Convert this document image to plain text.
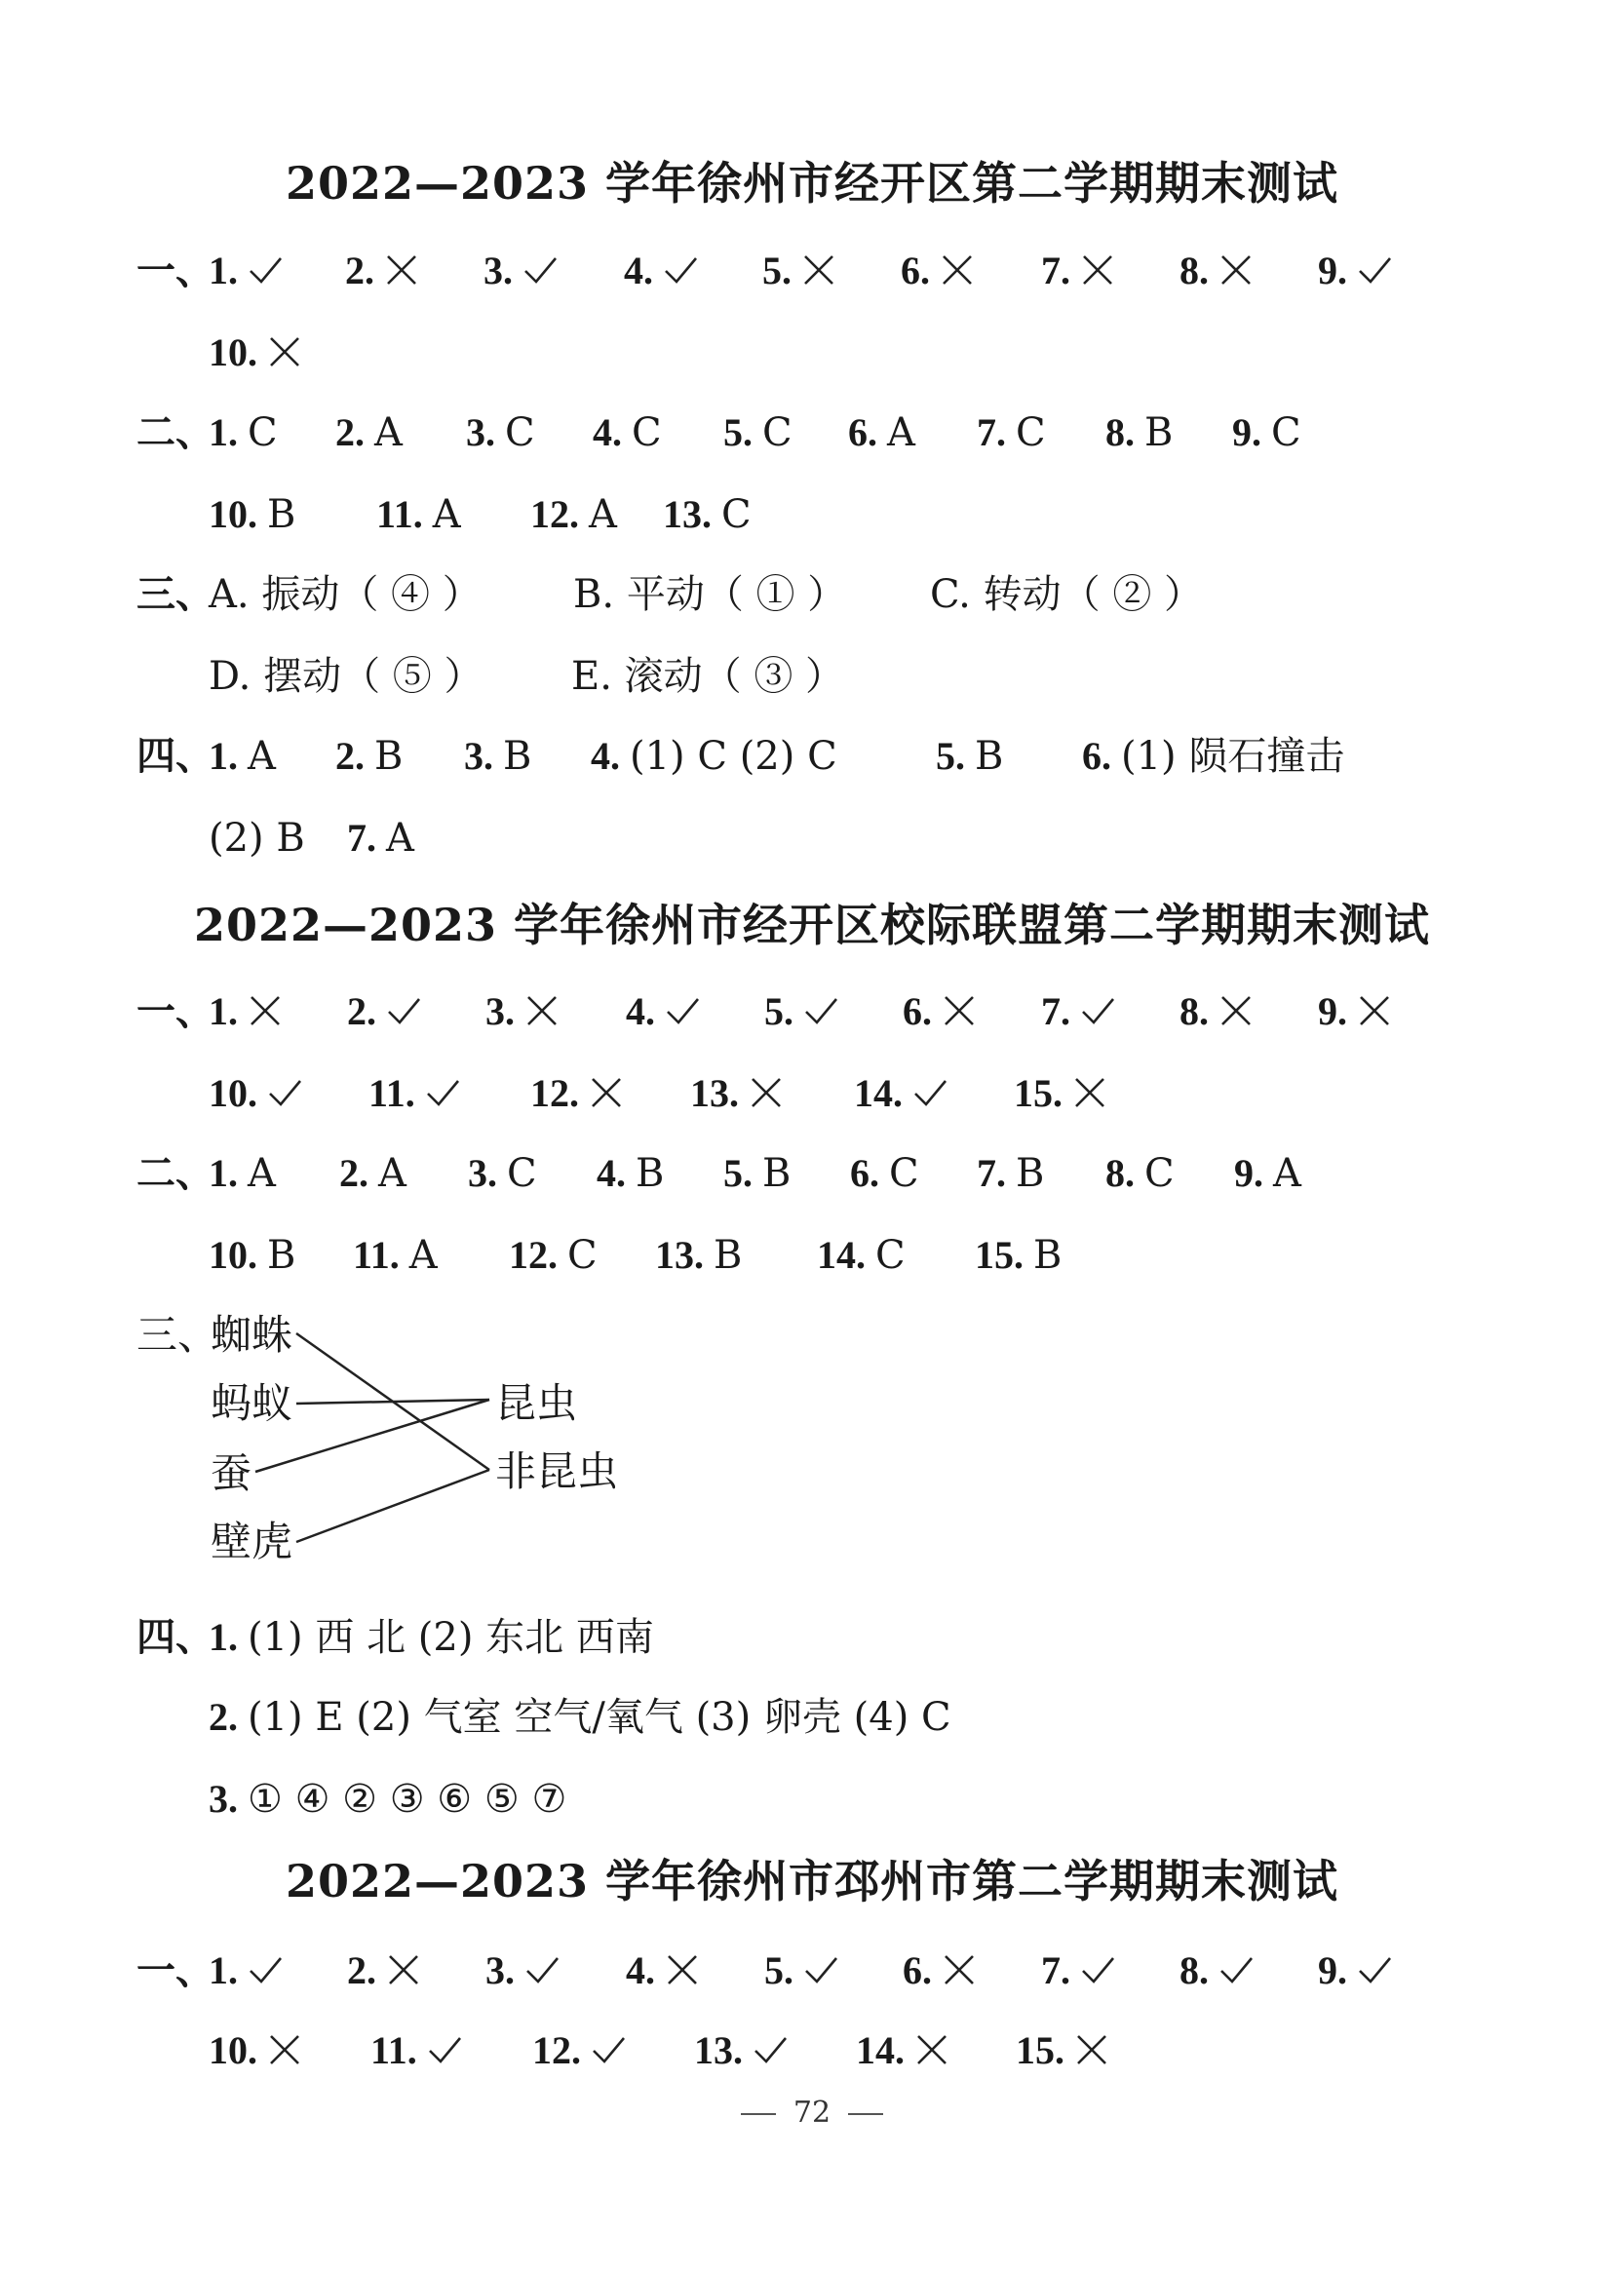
2022—2023 学年徐州市经开区第二学期期末测试
2022—2023 学年徐州市经开区校际联盟第二学期期末测试
2022—2023 学年徐州市邳州市第二学期期末测试
一、
1.	2.	3.	4.	5.	6.	7.	8.	9.
10.
二、
1. C 2. A 3. C 4. C 5. C 6. A 7. C 8. B 9. C
10. B 11. A 12. A 13. C
三、
A. 振动（ ④ ） B. 平动（ ① ） C. 转动（ ② ）
D. 摆动（ ⑤ ） E. 滚动（ ③ ）
四、
1. A 2. B 3. B 4. (1) C (2) C	5. B 6. (1) 陨石撞击
(2) B 7. A
一、
1.	2.	3.	4.	5.	6.	7.	8.	9.
10.	11.	12.	13.	14.	15.
二、
1. A 2. A 3. C 4. B 5. B 6. C 7. B 8. C 9. A
10. B 11. A 12. C 13. B 14. C 15. B
四、
1. (1) 西 北 (2) 东北 西南
2. (1) E (2) 气室 空气/氧气 (3) 卵壳 (4) C
3. ① ④ ② ③ ⑥ ⑤ ⑦
一、
1.	2.	3.	4.	5.	6.	7.	8.	9.
10.	11.	12.	13.	14.	15.
三、
蜘蛛
蚂蚁
蚕
壁虎
昆虫
非昆虫
72
